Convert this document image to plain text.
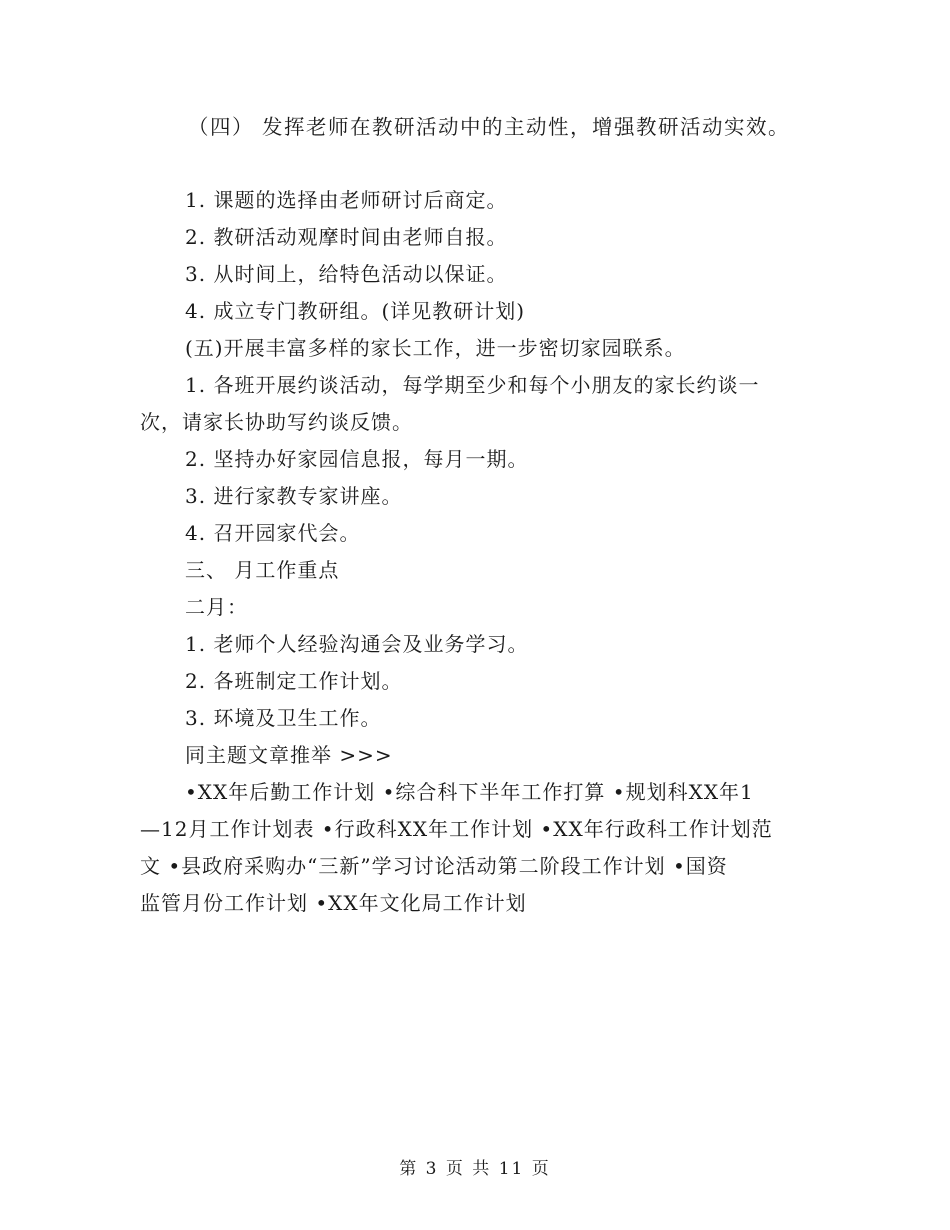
（四） 发挥老师在教研活动中的主动性，增强教研活动实效。
1. 课题的选择由老师研讨后商定。
2. 教研活动观摩时间由老师自报。
3. 从时间上，给特色活动以保证。
4. 成立专门教研组。(详见教研计划)
(五)开展丰富多样的家长工作，进一步密切家园联系。
1. 各班开展约谈活动，每学期至少和每个小朋友的家长约谈一
次，请家长协助写约谈反馈。
2. 坚持办好家园信息报，每月一期。
3. 进行家教专家讲座。
4. 召开园家代会。
三、 月工作重点
二月：
1. 老师个人经验沟通会及业务学习。
2. 各班制定工作计划。
3. 环境及卫生工作。
同主题文章推举 >>>
•XX年后勤工作计划 •综合科下半年工作打算 •规划科XX年1
—12月工作计划表 •行政科XX年工作计划 •XX年行政科工作计划范
文 •县政府采购办“三新”学习讨论活动第二阶段工作计划 •国资
监管月份工作计划 •XX年文化局工作计划
第 3 页 共 11 页
